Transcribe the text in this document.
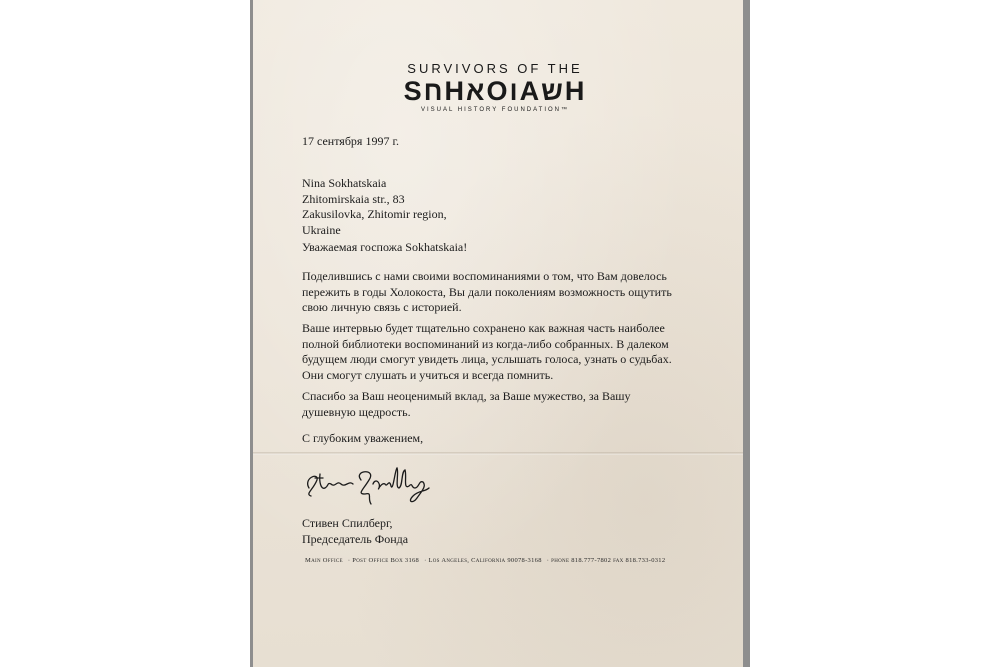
SURVIVORS OF THE
SחHאOוAשH
VISUAL HISTORY FOUNDATION™
17 сентября 1997 г.
Nina Sokhatskaia
Zhitomirskaia str., 83
Zakusilovka, Zhitomir region,
Ukraine
Уважаемая госпожа Sokhatskaia!
Поделившись с нами своими воспоминаниями о том, что Вам довелось
пережить в годы Холокоста, Вы дали поколениям возможность ощутить
свою личную связь с историей.
Ваше интервью будет тщательно сохранено как важная часть наиболее
полной библиотеки воспоминаний из когда-либо собранных. В далеком
будущем люди смогут увидеть лица, услышать голоса, узнать о судьбах.
Они смогут слушать и учиться и всегда помнить.
Спасибо за Ваш неоценимый вклад, за Ваше мужество, за Вашу
душевную щедрость.
С глубоким уважением,
Стивен Спилберг,
Председатель Фонда
Main Office · Post Office Box 3168 · Los Angeles, California 90078-3168 · phone 818.777-7802 fax 818.733-0312
